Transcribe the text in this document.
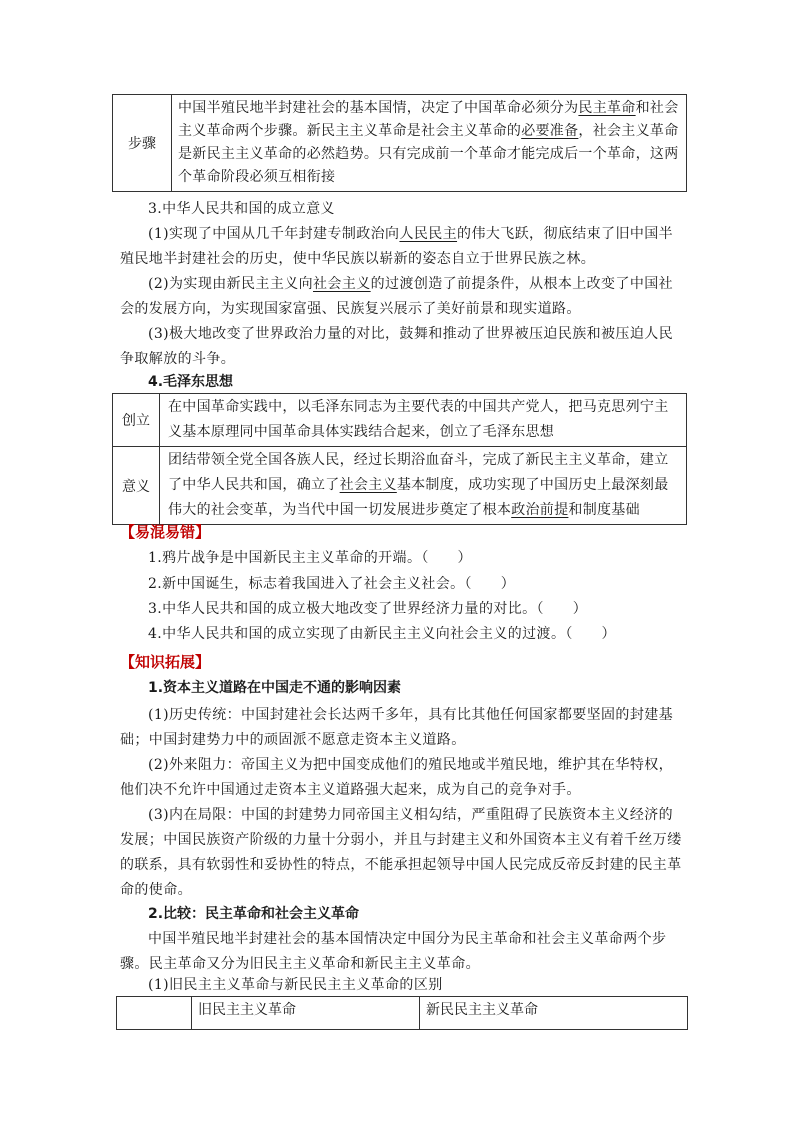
步骤	中国半殖民地半封建社会的基本国情，决定了中国革命必须分为民主革命和社会主义革命两个步骤。新民主主义革命是社会主义革命的必要准备，社会主义革命是新民主主义革命的必然趋势。只有完成前一个革命才能完成后一个革命，这两个革命阶段必须互相衔接
3.中华人民共和国的成立意义
(1)实现了中国从几千年封建专制政治向人民民主的伟大飞跃，彻底结束了旧中国半殖民地半封建社会的历史，使中华民族以崭新的姿态自立于世界民族之林。
(2)为实现由新民主主义向社会主义的过渡创造了前提条件，从根本上改变了中国社会的发展方向，为实现国家富强、民族复兴展示了美好前景和现实道路。
(3)极大地改变了世界政治力量的对比，鼓舞和推动了世界被压迫民族和被压迫人民争取解放的斗争。
4.毛泽东思想
创立	在中国革命实践中，以毛泽东同志为主要代表的中国共产党人，把马克思列宁主义基本原理同中国革命具体实践结合起来，创立了毛泽东思想
意义	团结带领全党全国各族人民，经过长期浴血奋斗，完成了新民主主义革命，建立了中华人民共和国，确立了社会主义基本制度，成功实现了中国历史上最深刻最伟大的社会变革，为当代中国一切发展进步奠定了根本政治前提和制度基础
【易混易错】
1.鸦片战争是中国新民主主义革命的开端。（　　）
2.新中国诞生，标志着我国进入了社会主义社会。（　　）
3.中华人民共和国的成立极大地改变了世界经济力量的对比。（　　）
4.中华人民共和国的成立实现了由新民主主义向社会主义的过渡。（　　）
【知识拓展】
1.资本主义道路在中国走不通的影响因素
(1)历史传统：中国封建社会长达两千多年，具有比其他任何国家都要坚固的封建基础；中国封建势力中的顽固派不愿意走资本主义道路。
(2)外来阻力：帝国主义为把中国变成他们的殖民地或半殖民地，维护其在华特权，他们决不允许中国通过走资本主义道路强大起来，成为自己的竞争对手。
(3)内在局限：中国的封建势力同帝国主义相勾结，严重阻碍了民族资本主义经济的发展；中国民族资产阶级的力量十分弱小，并且与封建主义和外国资本主义有着千丝万缕的联系，具有软弱性和妥协性的特点，不能承担起领导中国人民完成反帝反封建的民主革命的使命。
2.比较：民主革命和社会主义革命
中国半殖民地半封建社会的基本国情决定中国分为民主革命和社会主义革命两个步骤。民主革命又分为旧民主主义革命和新民主主义革命。
(1)旧民主主义革命与新民民主主义革命的区别
	旧民主主义革命	新民民主主义革命
